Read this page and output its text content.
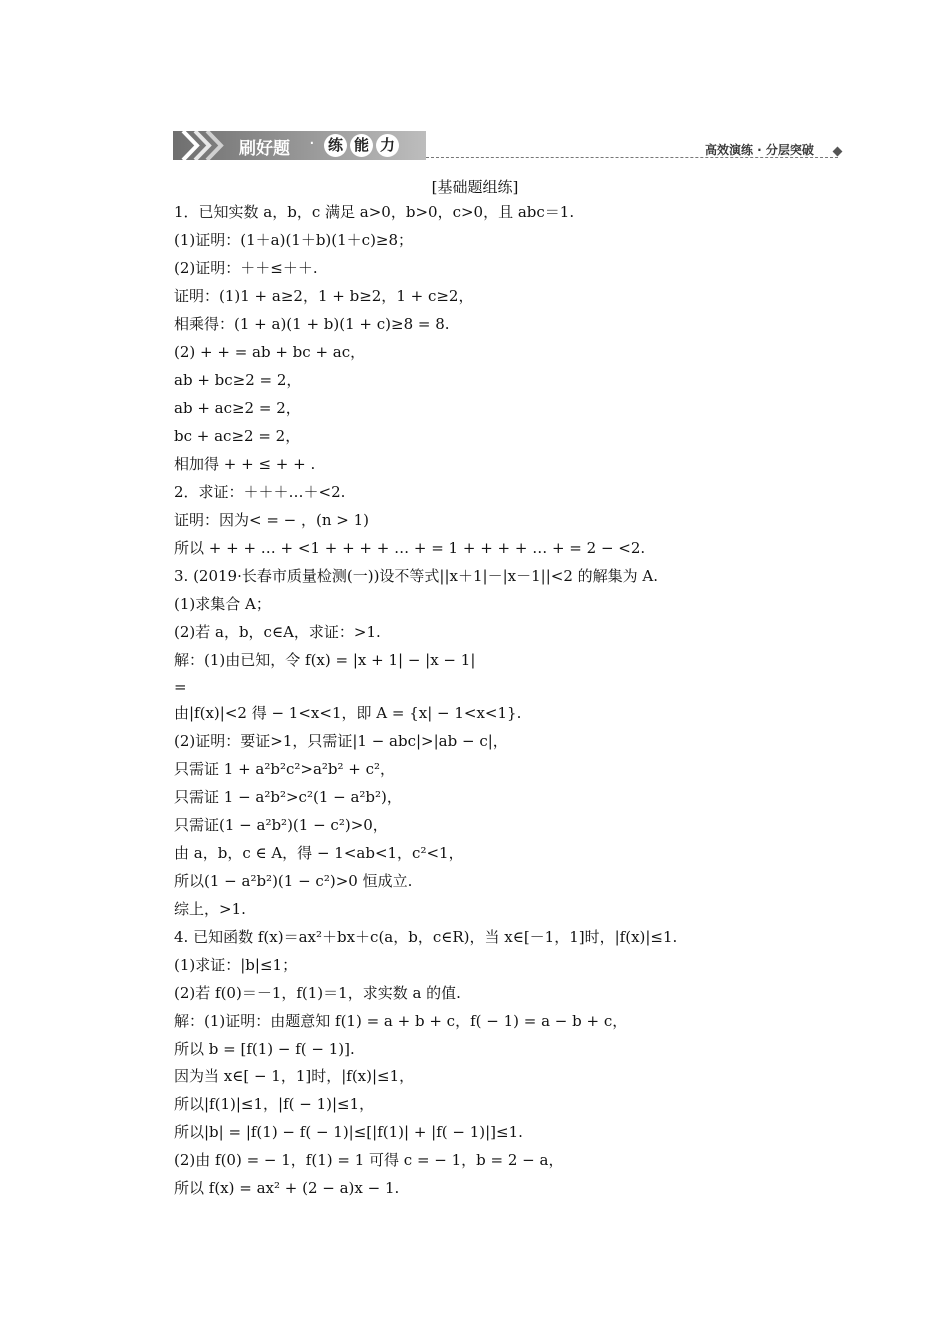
刷好题 · 练 能 力	高效演练 · 分层突破
[基础题组练]
1．已知实数 a，b，c 满足 a>0，b>0，c>0，且 abc＝1.
(1)证明：(1＋a)(1＋b)(1＋c)≥8；
(2)证明：＋＋≤＋＋.
证明：(1)1 + a≥2，1 + b≥2，1 + c≥2，
相乘得：(1 + a)(1 + b)(1 + c)≥8 = 8.
(2) + + = ab + bc + ac，
ab + bc≥2 = 2，
ab + ac≥2 = 2，
bc + ac≥2 = 2，
相加得 + + ≤ + + .
2．求证：＋＋＋…＋<2.
证明：因为< = − ，(n > 1)
所以 + + + … + <1 + + + + … + = 1 + + + + … + = 2 − <2.
3. (2019·长春市质量检测(一))设不等式||x＋1|－|x－1||<2 的解集为 A.
(1)求集合 A；
(2)若 a，b，c∈A，求证：>1.
解：(1)由已知，令 f(x) = |x + 1| − |x − 1|
=
由|f(x)|<2 得 − 1<x<1，即 A = {x| − 1<x<1}.
(2)证明：要证>1，只需证|1 − abc|>|ab − c|，
只需证 1 + a²b²c²>a²b² + c²，
只需证 1 − a²b²>c²(1 − a²b²)，
只需证(1 − a²b²)(1 − c²)>0，
由 a，b，c ∈ A，得 − 1<ab<1，c²<1，
所以(1 − a²b²)(1 − c²)>0 恒成立.
综上，>1.
4. 已知函数 f(x)＝ax²＋bx＋c(a，b，c∈R)，当 x∈[－1，1]时，|f(x)|≤1.
(1)求证：|b|≤1；
(2)若 f(0)＝－1，f(1)＝1，求实数 a 的值.
解：(1)证明：由题意知 f(1) = a + b + c，f( − 1) = a − b + c，
所以 b = [f(1) − f( − 1)].
因为当 x∈[ − 1，1]时，|f(x)|≤1，
所以|f(1)|≤1，|f( − 1)|≤1，
所以|b| = |f(1) − f( − 1)|≤[|f(1)| + |f( − 1)|]≤1.
(2)由 f(0) = − 1，f(1) = 1 可得 c = − 1，b = 2 − a，
所以 f(x) = ax² + (2 − a)x − 1.
